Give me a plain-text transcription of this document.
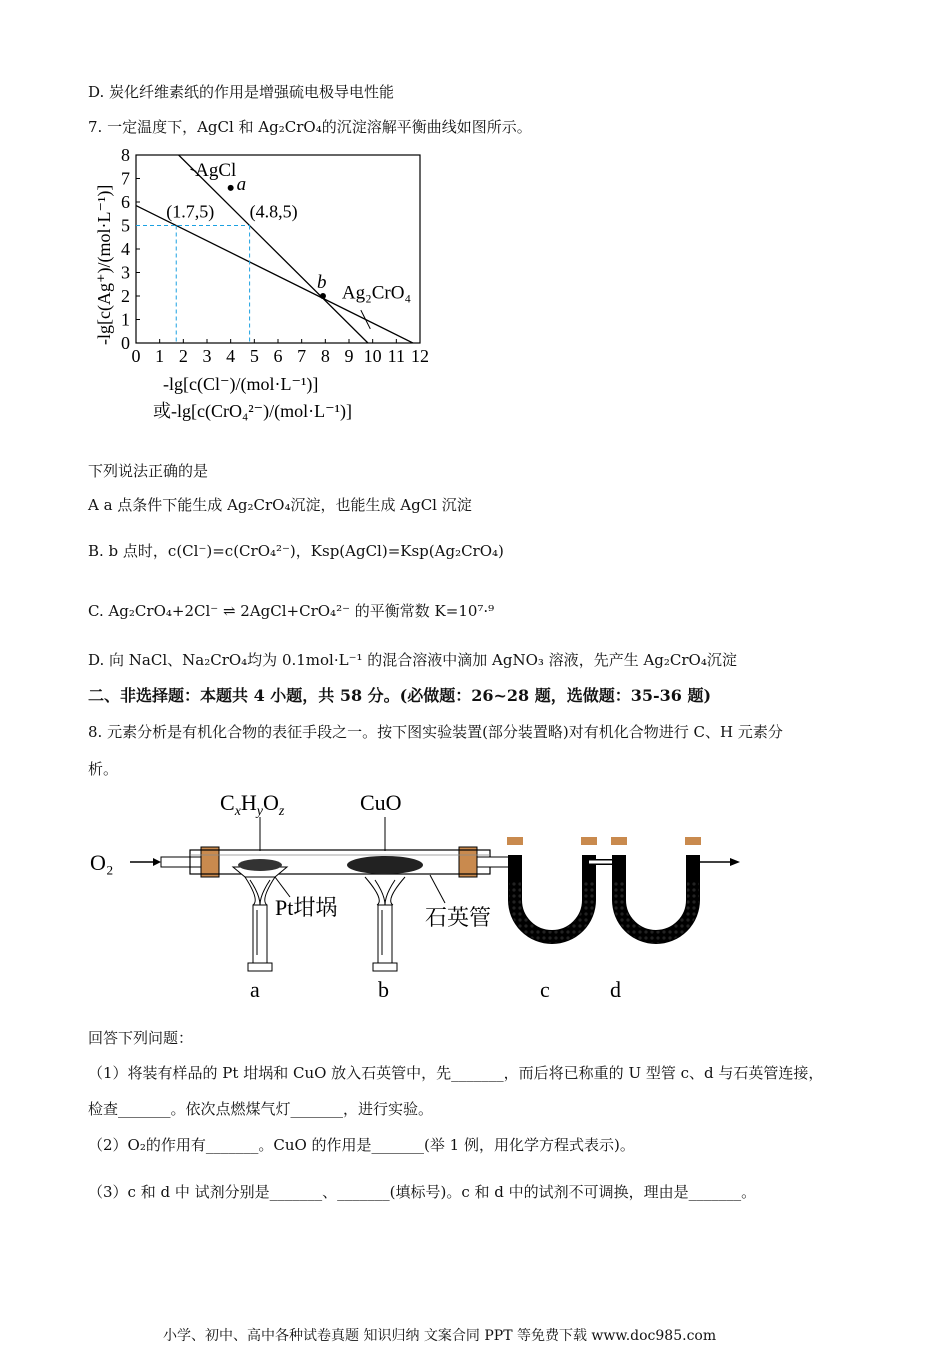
D. 炭化纤维素纸的作用是增强硫电极导电性能
7. 一定温度下，AgCl 和 Ag₂CrO₄的沉淀溶解平衡曲线如图所示。
0 1 2 3 4 5 6 7 8 9 10 11 12
0
1
2
3
4
5
6
7
8
AgCl
Ag₂CrO₄
(1.7,5) (4.8,5)
a
b
-lg[c(Ag⁺)/(mol·L⁻¹)]
-lg[c(Cl⁻)/(mol·L⁻¹)]
或-lg[c(CrO₄²⁻)/(mol·L⁻¹)]
下列说法正确的是
A a 点条件下能生成 Ag₂CrO₄沉淀，也能生成 AgCl 沉淀
B. b 点时，c(Cl⁻)=c(CrO₄²⁻)，Ksp(AgCl)=Ksp(Ag₂CrO₄)
C. Ag₂CrO₄+2Cl⁻ ⇌ 2AgCl+CrO₄²⁻ 的平衡常数 K=10⁷·⁹
D. 向 NaCl、Na₂CrO₄均为 0.1mol·L⁻¹ 的混合溶液中滴加 AgNO₃ 溶液，先产生 Ag₂CrO₄沉淀
二、非选择题：本题共 4 小题，共 58 分。(必做题：26~28 题，选做题：35-36 题)
8. 元素分析是有机化合物的表征手段之一。按下图实验装置(部分装置略)对有机化合物进行 C、H 元素分
析。
O₂
$C_xH_yO_z$	CuO
Pt坩埚	石英管
a	b	c	d
回答下列问题：
（1）将装有样品的 Pt 坩埚和 CuO 放入石英管中，先_______，而后将已称重的 U 型管 c、d 与石英管连接，
检查_______。依次点燃煤气灯_______，进行实验。
（2）O₂的作用有_______。CuO 的作用是_______(举 1 例，用化学方程式表示)。
（3）c 和 d 中 试剂分别是_______、_______(填标号)。c 和 d 中的试剂不可调换，理由是_______。
小学、初中、高中各种试卷真题 知识归纳 文案合同 PPT 等免费下载 www.doc985.com
